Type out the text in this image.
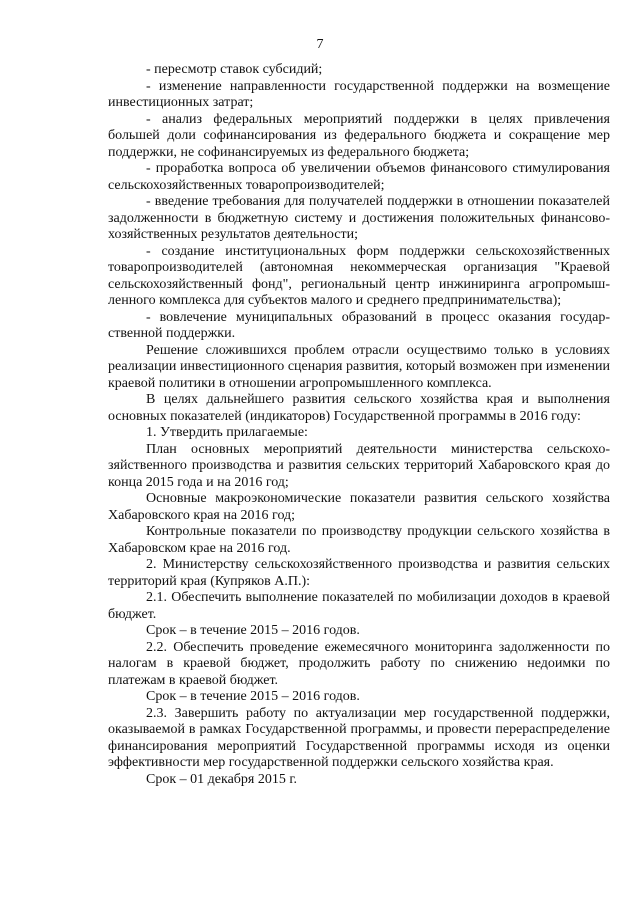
7

- пересмотр ставок субсидий;

- изменение направленности государственной поддержки на возмещение инвестиционных затрат;

- анализ федеральных мероприятий поддержки в целях привлечения большей доли софинансирования из федерального бюджета и сокращение мер поддержки, не софинансируемых из федерального бюджета;

- проработка вопроса об увеличении объемов финансового стимулирования сельскохозяйственных товаропроизводителей;

- введение требования для получателей поддержки в отношении показателей задолженности в бюджетную систему и достижения положительных финансово-хозяйственных результатов деятельности;

- создание институциональных форм поддержки сельскохозяйственных товаропроизводителей (автономная некоммерческая организация "Краевой сельскохозяйственный фонд", региональный центр инжиниринга агропромышленного комплекса для субъектов малого и среднего предпринимательства);

- вовлечение муниципальных образований в процесс оказания государственной поддержки.

Решение сложившихся проблем отрасли осуществимо только в условиях реализации инвестиционного сценария развития, который возможен при изменении краевой политики в отношении агропромышленного комплекса.

В целях дальнейшего развития сельского хозяйства края и выполнения основных показателей (индикаторов) Государственной программы в 2016 году:

1. Утвердить прилагаемые:

План основных мероприятий деятельности министерства сельскохозяйственного производства и развития сельских территорий Хабаровского края до конца 2015 года и на 2016 год;

Основные макроэкономические показатели развития сельского хозяйства Хабаровского края на 2016 год;

Контрольные показатели по производству продукции сельского хозяйства в Хабаровском крае на 2016 год.

2. Министерству сельскохозяйственного производства и развития сельских территорий края (Купряков А.П.):

2.1. Обеспечить выполнение показателей по мобилизации доходов в краевой бюджет.

Срок – в течение 2015 – 2016 годов.

2.2. Обеспечить проведение ежемесячного мониторинга задолженности по налогам в краевой бюджет, продолжить работу по снижению недоимки по платежам в краевой бюджет.

Срок – в течение 2015 – 2016 годов.

2.3. Завершить работу по актуализации мер государственной поддержки, оказываемой в рамках Государственной программы, и провести перераспределение финансирования мероприятий Государственной программы исходя из оценки эффективности мер государственной поддержки сельского хозяйства края.

Срок – 01 декабря 2015 г.
